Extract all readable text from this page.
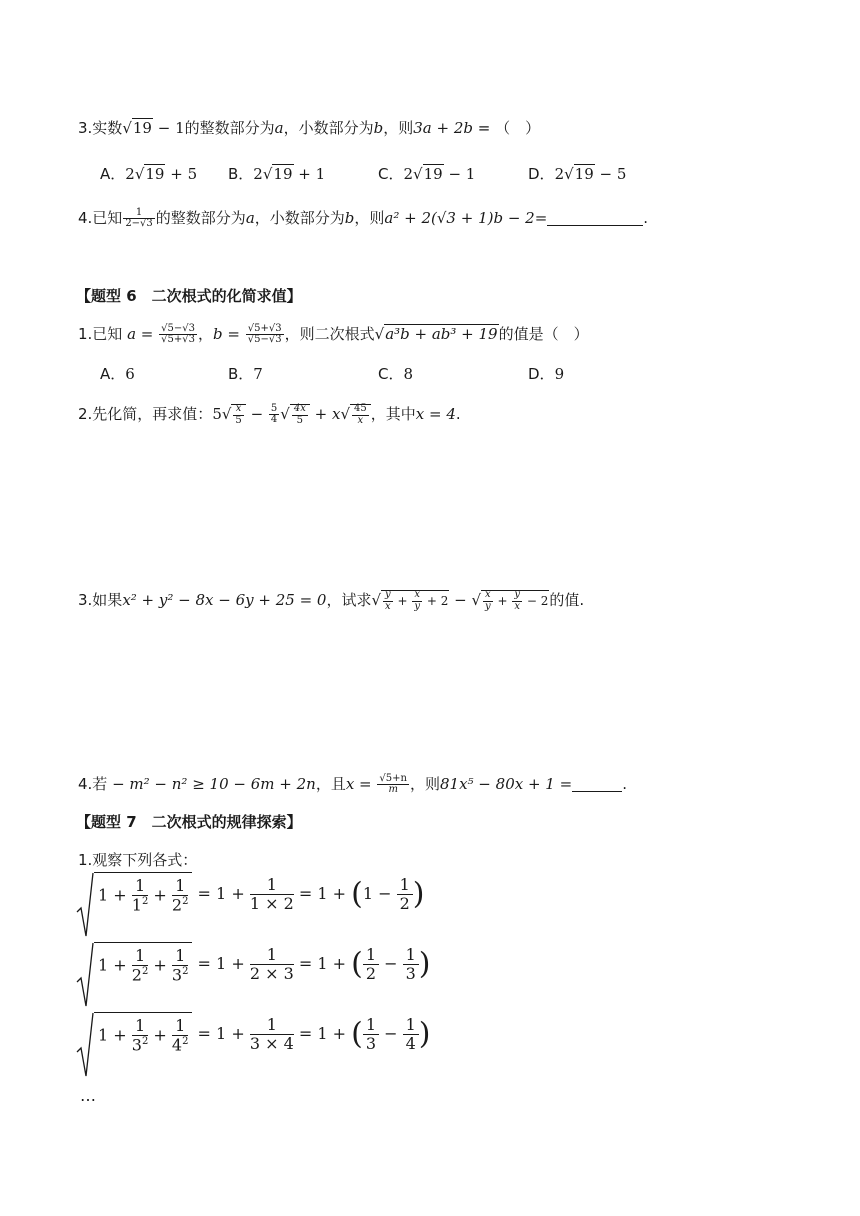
3.实数√19 − 1的整数部分为a，小数部分为b，则3a + 2b = （　）
A．2√19 + 5 B．2√19 + 1	C．2√19 − 1	D．2√19 − 5
4.已知 $\frac{1}{2-√3}$ 的整数部分为a，小数部分为b，则a² + 2(√3 + 1)b − 2=	.
【题型 6　二次根式的化简求值】
1.已知 $a = \frac{√5-√3}{√5+√3}$ ，$b = \frac{√5+√3}{√5-√3}$ ，则二次根式√a³b + ab³ + 19的值是（　）
A．6	B．7	C．8	D．9
2.先化简，再求值：$5√ \frac{x}{5} - \frac{5}{4}$ √ $\frac{4x}{5} + x√ \frac{45}{x}$ ，其中x = 4.
3.如果x² + y² − 8x − 6y + 25 = 0，试求√ $\frac{y}{x} + \frac{x}{y} + 2$ − √ $\frac{x}{y} + \frac{y}{x} - 2$的值.
4.若 − m² − n² ≥ 10 − 6m + 2n，且$x = \frac{√5+n}{m}$ ，则81x⁵ − 80x + 1 =	.
【题型 7　二次根式的规律探索】
1.观察下列各式：
$1 + \frac{1}{1^2} + \frac{1}{2^2} = 1 + \frac{1}{1 \times 2} = 1 + (1 - \frac{1}{2}$ )
$1 + \frac{1}{2^2} + \frac{1}{3^2} = 1 + \frac{1}{2 \times 3} = 1$ + ( $\frac{1}{2} - \frac{1}{3}$ )
$1 + \frac{1}{3^2} + \frac{1}{4^2} = 1 + \frac{1}{3 \times 4} = 1$ + ( $\frac{1}{3} - \frac{1}{4}$ )
…
